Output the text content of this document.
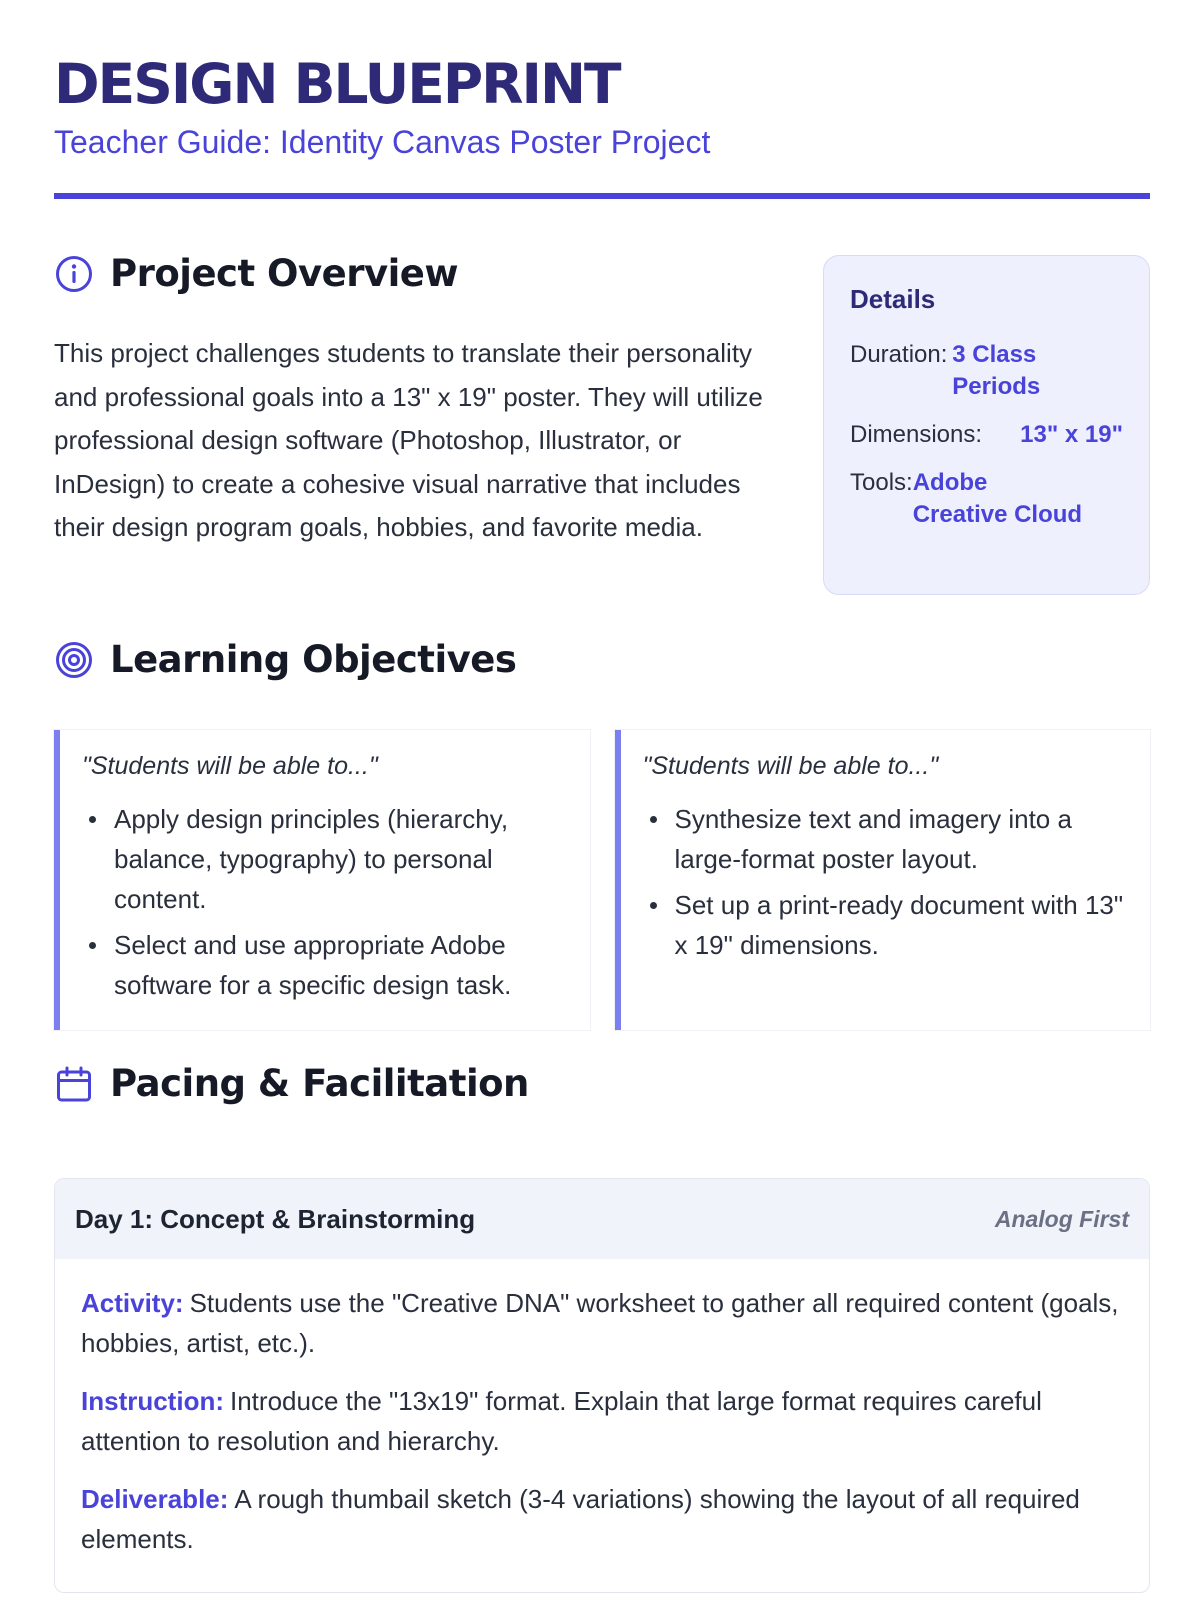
DESIGN BLUEPRINT
Teacher Guide: Identity Canvas Poster Project
Project Overview

This project challenges students to translate their personality and professional goals into a 13" x 19" poster. They will utilize professional design software (Photoshop, Illustrator, or InDesign) to create a cohesive visual narrative that includes their design program goals, hobbies, and favorite media.

Details
Duration: 3 Class Periods
Dimensions: 13" x 19"
Tools: Adobe Creative Cloud
Learning Objectives
"Students will be able to..."
Apply design principles (hierarchy, balance, typography) to personal content.
Select and use appropriate Adobe software for a specific design task.
"Students will be able to..."
Synthesize text and imagery into a large-format poster layout.
Set up a print-ready document with 13" x 19" dimensions.
Pacing & Facilitation
Day 1: Concept & Brainstorming	Analog First

Activity: Students use the "Creative DNA" worksheet to gather all required content (goals, hobbies, artist, etc.).

Instruction: Introduce the "13x19" format. Explain that large format requires careful attention to resolution and hierarchy.

Deliverable: A rough thumbail sketch (3-4 variations) showing the layout of all required elements.
